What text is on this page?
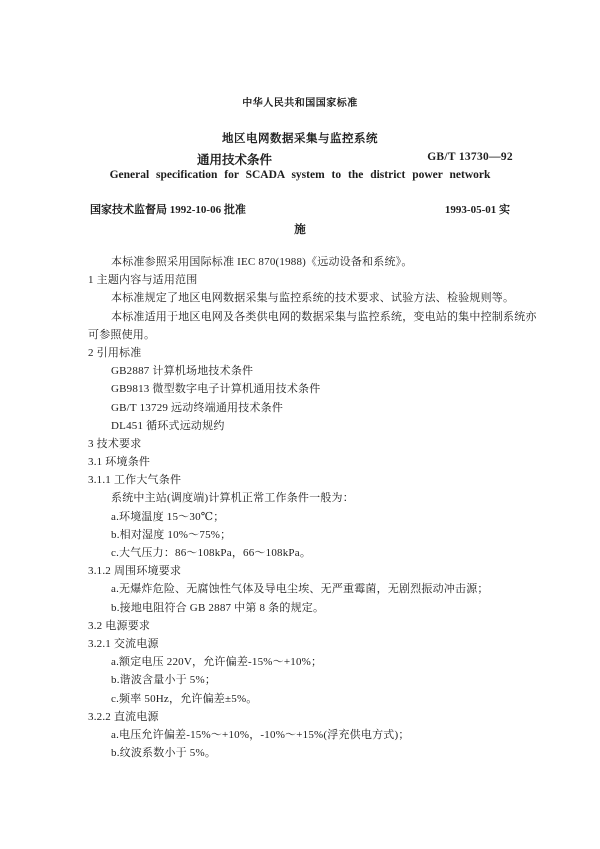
中华人民共和国国家标准
地区电网数据采集与监控系统
通用技术条件	GB/T 13730—92
General specification for SCADA system to the district power network
国家技术监督局 1992-10-06 批准	1993-05-01 实
施
本标准参照采用国际标准 IEC 870(1988)《远动设备和系统》。
1 主题内容与适用范围
本标准规定了地区电网数据采集与监控系统的技术要求、试验方法、检验规则等。
本标准适用于地区电网及各类供电网的数据采集与监控系统，变电站的集中控制系统亦
可参照使用。
2 引用标准
GB2887 计算机场地技术条件
GB9813 微型数字电子计算机通用技术条件
GB/T 13729 远动终端通用技术条件
DL451 循环式远动规约
3 技术要求
3.1 环境条件
3.1.1 工作大气条件
系统中主站(调度端)计算机正常工作条件一般为：
a.环境温度 15～30℃；
b.相对湿度 10%～75%；
c.大气压力：86～108kPa，66～108kPa。
3.1.2 周围环境要求
a.无爆炸危险、无腐蚀性气体及导电尘埃、无严重霉菌，无剧烈振动冲击源；
b.接地电阻符合 GB 2887 中第 8 条的规定。
3.2 电源要求
3.2.1 交流电源
a.额定电压 220V，允许偏差-15%～+10%；
b.谐波含量小于 5%；
c.频率 50Hz，允许偏差±5%。
3.2.2 直流电源
a.电压允许偏差-15%～+10%，-10%～+15%(浮充供电方式)；
b.纹波系数小于 5%。
